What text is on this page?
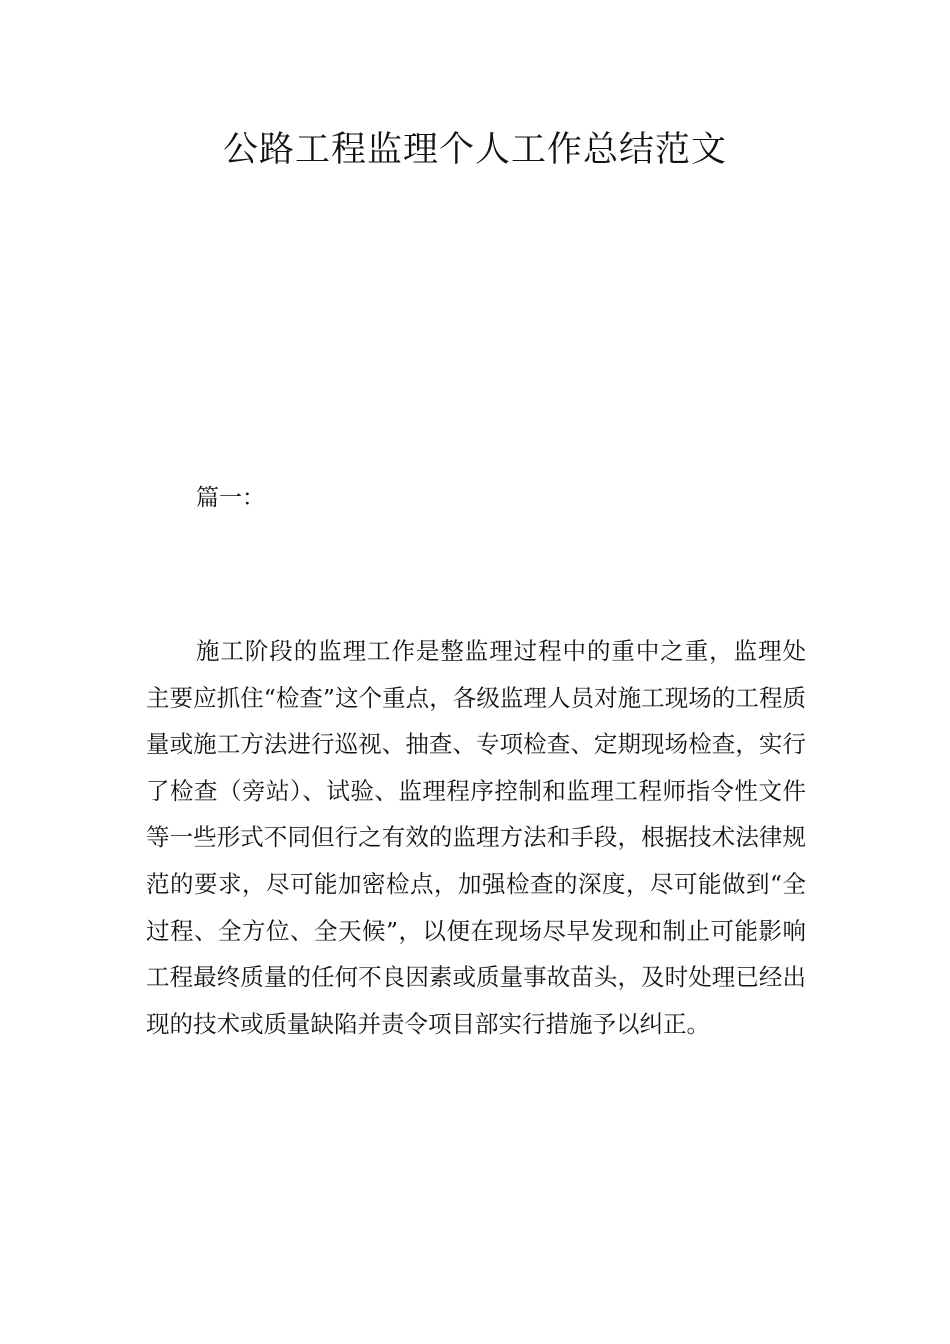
公路工程监理个人工作总结范文

篇一：

施工阶段的监理工作是整监理过程中的重中之重，监理处主要应抓住“检查”这个重点，各级监理人员对施工现场的工程质量或施工方法进行巡视、抽查、专项检查、定期现场检查，实行了检查（旁站）、试验、监理程序控制和监理工程师指令性文件等一些形式不同但行之有效的监理方法和手段，根据技术法律规范的要求，尽可能加密检点，加强检查的深度，尽可能做到“全过程、全方位、全天候”，以便在现场尽早发现和制止可能影响工程最终质量的任何不良因素或质量事故苗头，及时处理已经出现的技术或质量缺陷并责令项目部实行措施予以纠正。
